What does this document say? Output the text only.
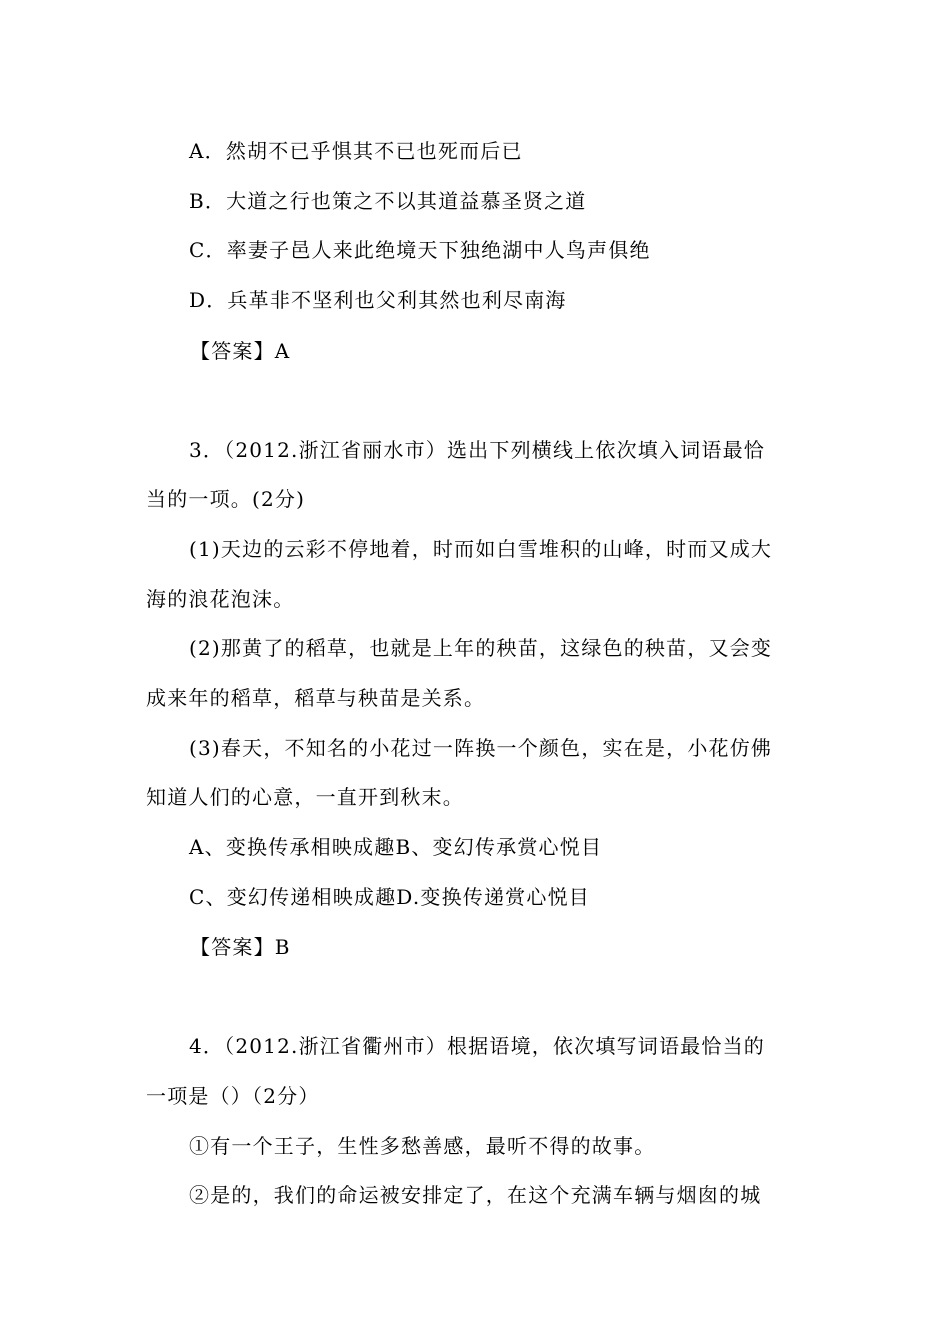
A．然胡不已乎惧其不已也死而后已
B．大道之行也策之不以其道益慕圣贤之道
C．率妻子邑人来此绝境天下独绝湖中人鸟声俱绝
D．兵革非不坚利也父利其然也利尽南海
【答案】A
3．（2012.浙江省丽水市）选出下列横线上依次填入词语最恰
当的一项。(2分)
(1)天边的云彩不停地着，时而如白雪堆积的山峰，时而又成大
海的浪花泡沫。
(2)那黄了的稻草，也就是上年的秧苗，这绿色的秧苗，又会变
成来年的稻草，稻草与秧苗是关系。
(3)春天，不知名的小花过一阵换一个颜色，实在是，小花仿佛
知道人们的心意，一直开到秋末。
A、变换传承相映成趣B、变幻传承赏心悦目
C、变幻传递相映成趣D.变换传递赏心悦目
【答案】B
4．（2012.浙江省衢州市）根据语境，依次填写词语最恰当的
一项是（）（2分）
①有一个王子，生性多愁善感，最听不得的故事。
②是的，我们的命运被安排定了，在这个充满车辆与烟囱的城
